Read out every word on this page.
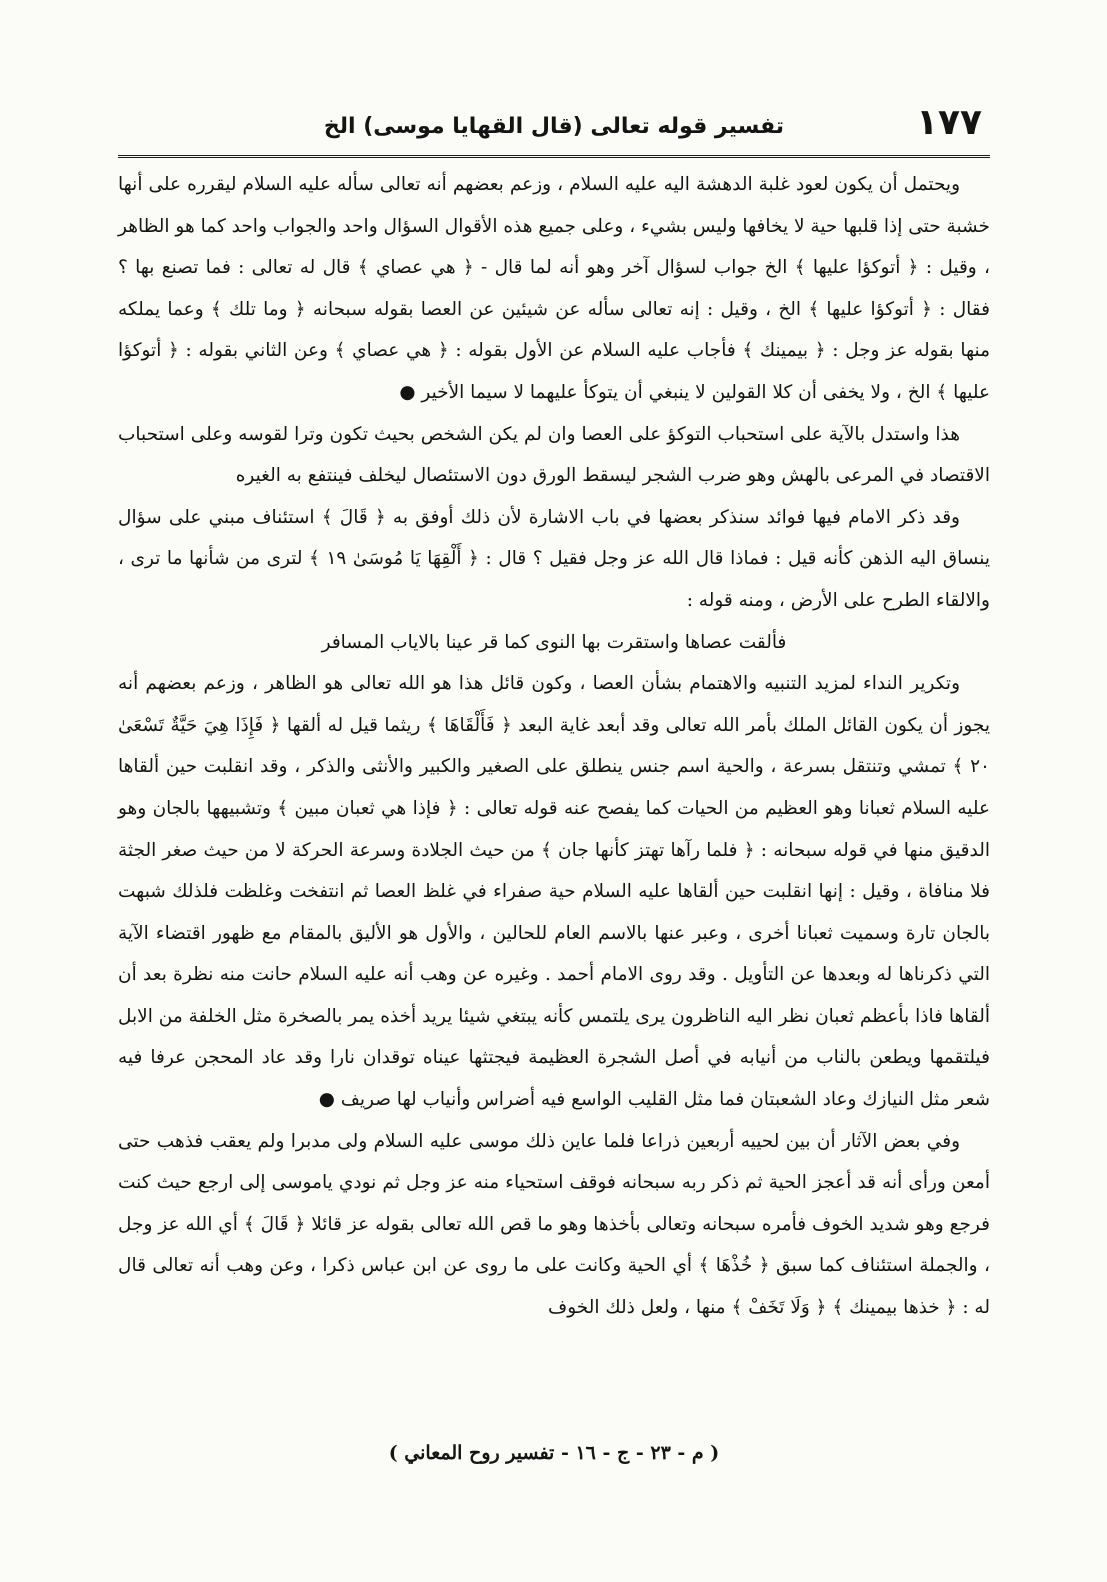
١٧٧
تفسير قوله تعالى (قال القهايا موسى) الخ

ويحتمل أن يكون لعود غلبة الدهشة اليه عليه السلام ، وزعم بعضهم أنه تعالى سأله عليه السلام ليقرره على أنها خشبة حتى إذا قلبها حية لا يخافها وليس بشيء ، وعلى جميع هذه الأقوال السؤال واحد والجواب واحد كما هو الظاهر ، وقيل : ﴿ أتوكؤا عليها ﴾ الخ جواب لسؤال آخر وهو أنه لما قال - ﴿ هي عصاي ﴾ قال له تعالى : فما تصنع بها ؟ فقال : ﴿ أتوكؤا عليها ﴾ الخ ، وقيل : إنه تعالى سأله عن شيئين عن العصا بقوله سبحانه ﴿ وما تلك ﴾ وعما يملكه منها بقوله عز وجل : ﴿ بيمينك ﴾ فأجاب عليه السلام عن الأول بقوله : ﴿ هي عصاي ﴾ وعن الثاني بقوله : ﴿ أتوكؤا عليها ﴾ الخ ، ولا يخفى أن كلا القولين لا ينبغي أن يتوكأ عليهما لا سيما الأخير ●

هذا واستدل بالآية على استحباب التوكؤ على العصا وان لم يكن الشخص بحيث تكون وترا لقوسه وعلى استحباب الاقتصاد في المرعى بالهش وهو ضرب الشجر ليسقط الورق دون الاستئصال ليخلف فينتفع به الغيره

وقد ذكر الامام فيها فوائد سنذكر بعضها في باب الاشارة لأن ذلك أوفق به ﴿ قَالَ ﴾ استئناف مبني على سؤال ينساق اليه الذهن كأنه قيل : فماذا قال الله عز وجل فقيل ؟ قال : ﴿ أَلْقِهَا يَا مُوسَىٰ ١٩ ﴾ لترى من شأنها ما ترى ، والالقاء الطرح على الأرض ، ومنه قوله :

فألقت عصاها واستقرت بها النوى كما قر عينا بالاياب المسافر

وتكرير النداء لمزيد التنبيه والاهتمام بشأن العصا ، وكون قائل هذا هو الله تعالى هو الظاهر ، وزعم بعضهم أنه يجوز أن يكون القائل الملك بأمر الله تعالى وقد أبعد غاية البعد ﴿ فَأَلْقَاهَا ﴾ ريثما قيل له ألقها ﴿ فَإِذَا هِيَ حَيَّةٌ تَسْعَىٰ ٢٠ ﴾ تمشي وتنتقل بسرعة ، والحية اسم جنس ينطلق على الصغير والكبير والأنثى والذكر ، وقد انقلبت حين ألقاها عليه السلام ثعبانا وهو العظيم من الحيات كما يفصح عنه قوله تعالى : ﴿ فإذا هي ثعبان مبين ﴾ وتشبيهها بالجان وهو الدقيق منها في قوله سبحانه : ﴿ فلما رآها تهتز كأنها جان ﴾ من حيث الجلادة وسرعة الحركة لا من حيث صغر الجثة فلا منافاة ، وقيل : إنها انقلبت حين ألقاها عليه السلام حية صفراء في غلظ العصا ثم انتفخت وغلظت فلذلك شبهت بالجان تارة وسميت ثعبانا أخرى ، وعبر عنها بالاسم العام للحالين ، والأول هو الأليق بالمقام مع ظهور اقتضاء الآية التي ذكرناها له وبعدها عن التأويل . وقد روى الامام أحمد . وغيره عن وهب أنه عليه السلام حانت منه نظرة بعد أن ألقاها فاذا بأعظم ثعبان نظر اليه الناظرون يرى يلتمس كأنه يبتغي شيئا يريد أخذه يمر بالصخرة مثل الخلفة من الابل فيلتقمها ويطعن بالناب من أنيابه في أصل الشجرة العظيمة فيجتثها عيناه توقدان نارا وقد عاد المحجن عرفا فيه شعر مثل النيازك وعاد الشعبتان فما مثل القليب الواسع فيه أضراس وأنياب لها صريف ●

وفي بعض الآثار أن بين لحييه أربعين ذراعا فلما عاين ذلك موسى عليه السلام ولى مدبرا ولم يعقب فذهب حتى أمعن ورأى أنه قد أعجز الحية ثم ذكر ربه سبحانه فوقف استحياء منه عز وجل ثم نودي ياموسى إلى ارجع حيث كنت فرجع وهو شديد الخوف فأمره سبحانه وتعالى بأخذها وهو ما قص الله تعالى بقوله عز قائلا ﴿ قَالَ ﴾ أي الله عز وجل ، والجملة استئناف كما سبق ﴿ خُذْهَا ﴾ أي الحية وكانت على ما روى عن ابن عباس ذكرا ، وعن وهب أنه تعالى قال له : ﴿ خذها بيمينك ﴾ ﴿ وَلَا تَخَفْ ﴾ منها ، ولعل ذلك الخوف

( م - ٢٣ - ج - ١٦ - تفسير روح المعاني )
